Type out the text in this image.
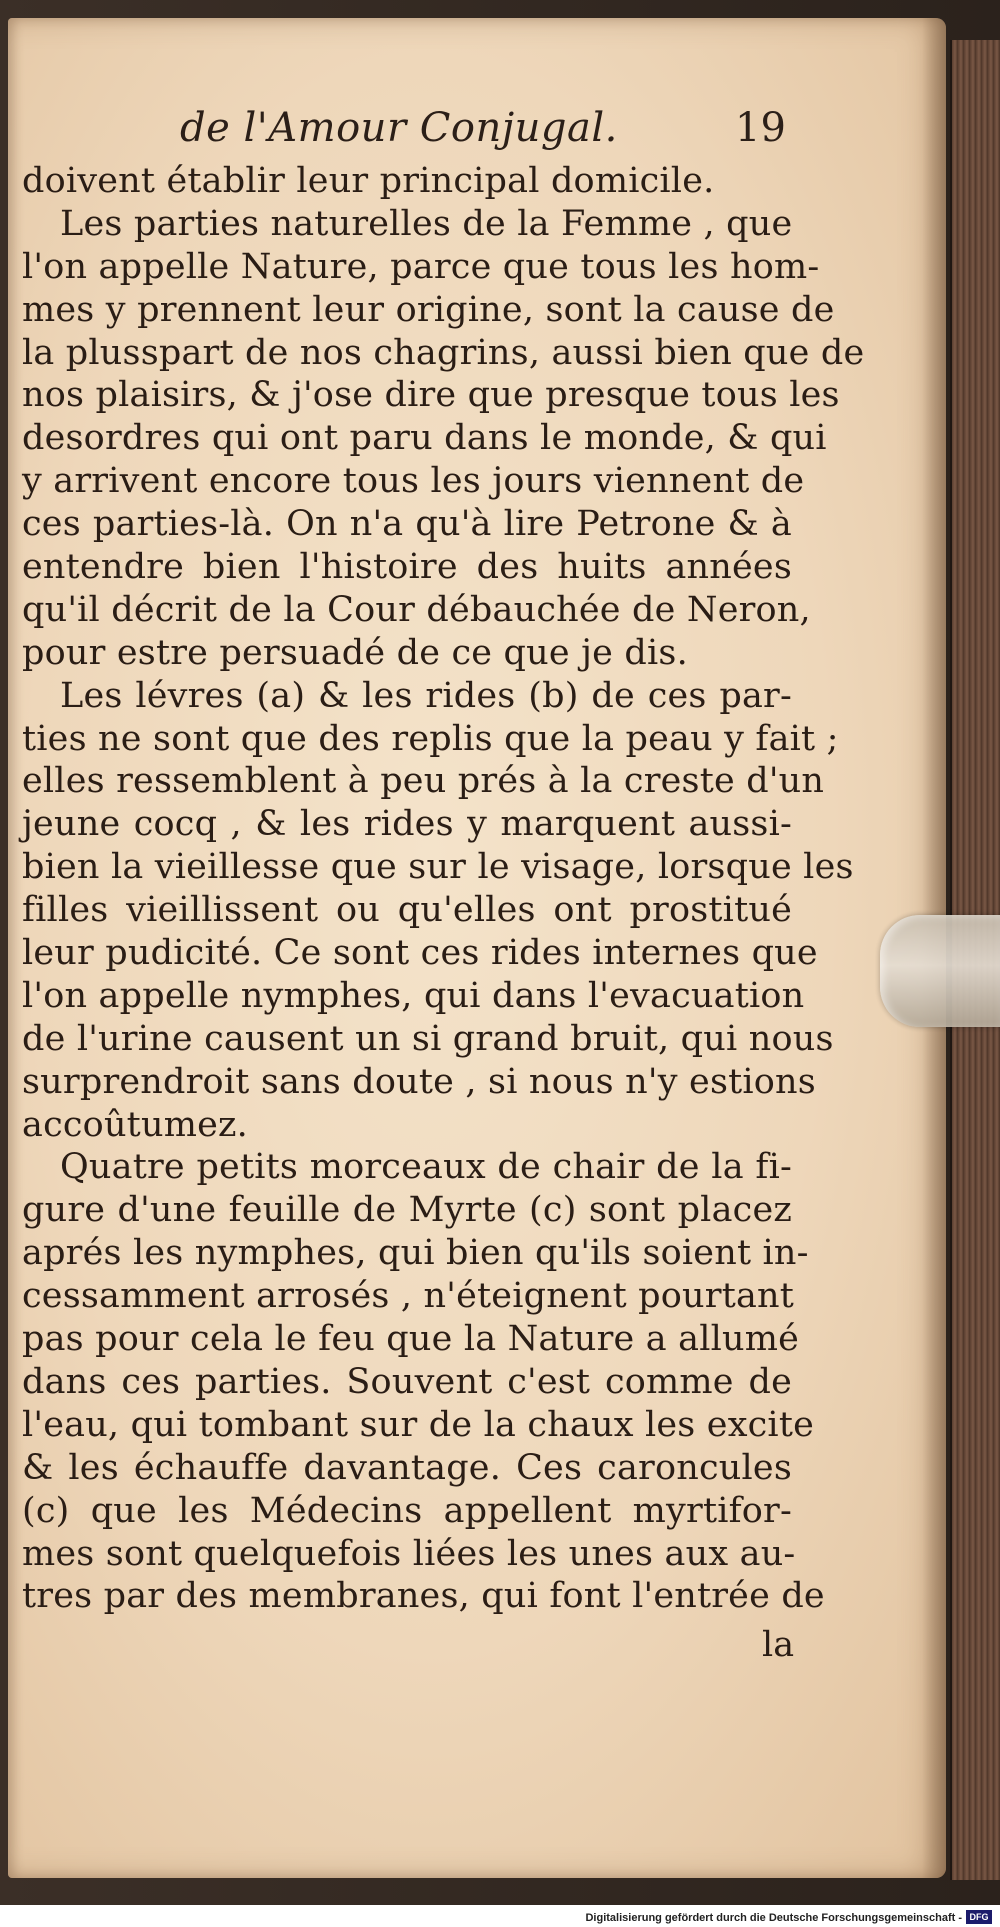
de l'Amour Conjugal.	19
doivent établir leur principal domicile.
Les parties naturelles de la Femme , que
l'on appelle Nature, parce que tous les hom-
mes y prennent leur origine, sont la cause de
la plusspart de nos chagrins, aussi bien que de
nos plaisirs, & j'ose dire que presque tous les
desordres qui ont paru dans le monde, & qui
y arrivent encore tous les jours viennent de
ces parties-là. On n'a qu'à lire Petrone & à
entendre bien l'histoire des huits années
qu'il décrit de la Cour débauchée de Neron,
pour estre persuadé de ce que je dis.
Les lévres (a) & les rides (b) de ces par-
ties ne sont que des replis que la peau y fait ;
elles ressemblent à peu prés à la creste d'un
jeune cocq , & les rides y marquent aussi-
bien la vieillesse que sur le visage, lorsque les
filles vieillissent ou qu'elles ont prostitué
leur pudicité. Ce sont ces rides internes que
l'on appelle nymphes, qui dans l'evacuation
de l'urine causent un si grand bruit, qui nous
surprendroit sans doute , si nous n'y estions
accoûtumez.
Quatre petits morceaux de chair de la fi-
gure d'une feuille de Myrte (c) sont placez
aprés les nymphes, qui bien qu'ils soient in-
cessamment arrosés , n'éteignent pourtant
pas pour cela le feu que la Nature a allumé
dans ces parties. Souvent c'est comme de
l'eau, qui tombant sur de la chaux les excite
& les échauffe davantage. Ces caroncules
(c) que les Médecins appellent myrtifor-
mes sont quelquefois liées les unes aux au-
tres par des membranes, qui font l'entrée de
la
Digitalisierung gefördert durch die Deutsche Forschungsgemeinschaft - DFG
